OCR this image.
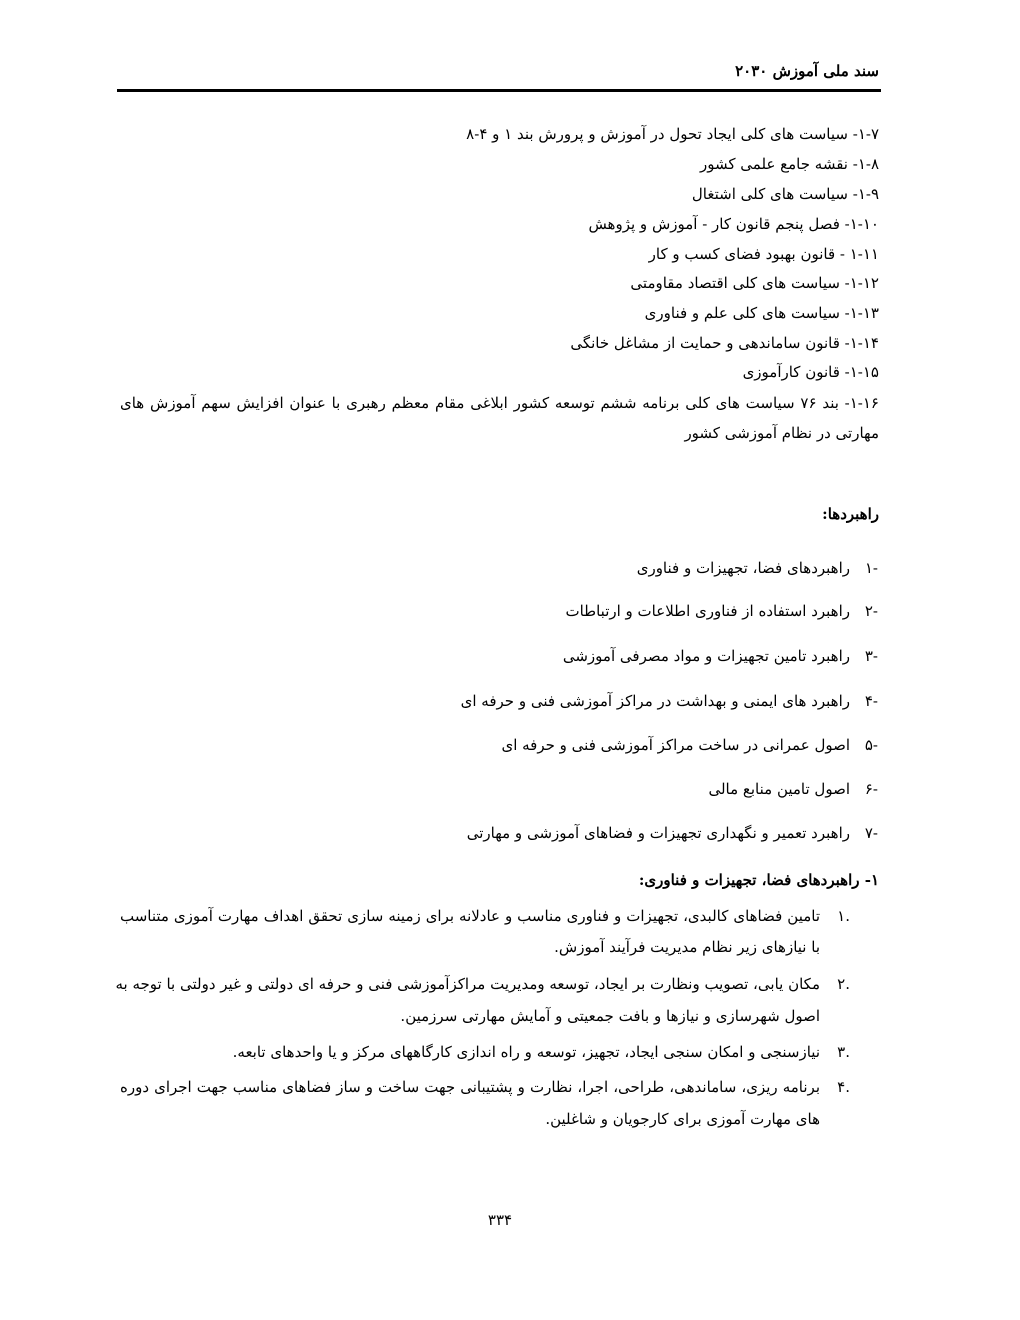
سند ملی آموزش ۲۰۳۰
۱-۷- سیاست های کلی ایجاد تحول در آموزش و پرورش بند ۱ و ۴-۸
۱-۸- نقشه جامع علمی کشور
۱-۹- سیاست های کلی اشتغال
۱-۱۰- فصل پنجم قانون کار - آموزش و پژوهش
۱-۱۱ - قانون بهبود فضای کسب و کار
۱-۱۲- سیاست های کلی اقتصاد مقاومتی
۱-۱۳- سیاست های کلی علم و فناوری
۱-۱۴- قانون ساماندهی و حمایت از مشاغل خانگی
۱-۱۵- قانون کارآموزی
۱-۱۶- بند ۷۶ سیاست های کلی برنامه ششم توسعه کشور ابلاغی مقام معظم رهبری با عنوان افزایش سهم آموزش های
مهارتی در نظام آموزشی کشور
راهبردها:
-۱
راهبردهای فضا، تجهیزات و فناوری
-۲
راهبرد استفاده از فناوری اطلاعات و ارتباطات
-۳
راهبرد تامین تجهیزات و مواد مصرفی آموزشی
-۴
راهبرد های ایمنی و بهداشت در مراکز آموزشی فنی و حرفه ای
-۵
اصول عمرانی در ساخت مراکز آموزشی فنی و حرفه ای
-۶
اصول تامین منابع مالی
-۷
راهبرد تعمیر و نگهداری تجهیزات و فضاهای آموزشی و مهارتی
۱- راهبردهای فضا، تجهیزات و فناوری:
.۱
تامین فضاهای کالبدی، تجهیزات و فناوری مناسب و عادلانه برای زمینه سازی تحقق اهداف مهارت آموزی متناسب
با نیازهای زیر نظام مدیریت فرآیند آموزش.
.۲
مکان یابی، تصویب ونظارت بر ایجاد، توسعه ومدیریت مراکزآموزشی فنی و حرفه ای دولتی و غیر دولتی با توجه به
اصول شهرسازی و نیازها و بافت جمعیتی و آمایش مهارتی سرزمین.
.۳
نیازسنجی و امکان سنجی ایجاد، تجهیز، توسعه و راه اندازی کارگاههای مرکز و یا واحدهای تابعه.
.۴
برنامه ریزی، ساماندهی، طراحی، اجرا، نظارت و پشتیبانی جهت ساخت و ساز فضاهای مناسب جهت اجرای دوره
های مهارت آموزی برای کارجویان و شاغلین.
۳۳۴
